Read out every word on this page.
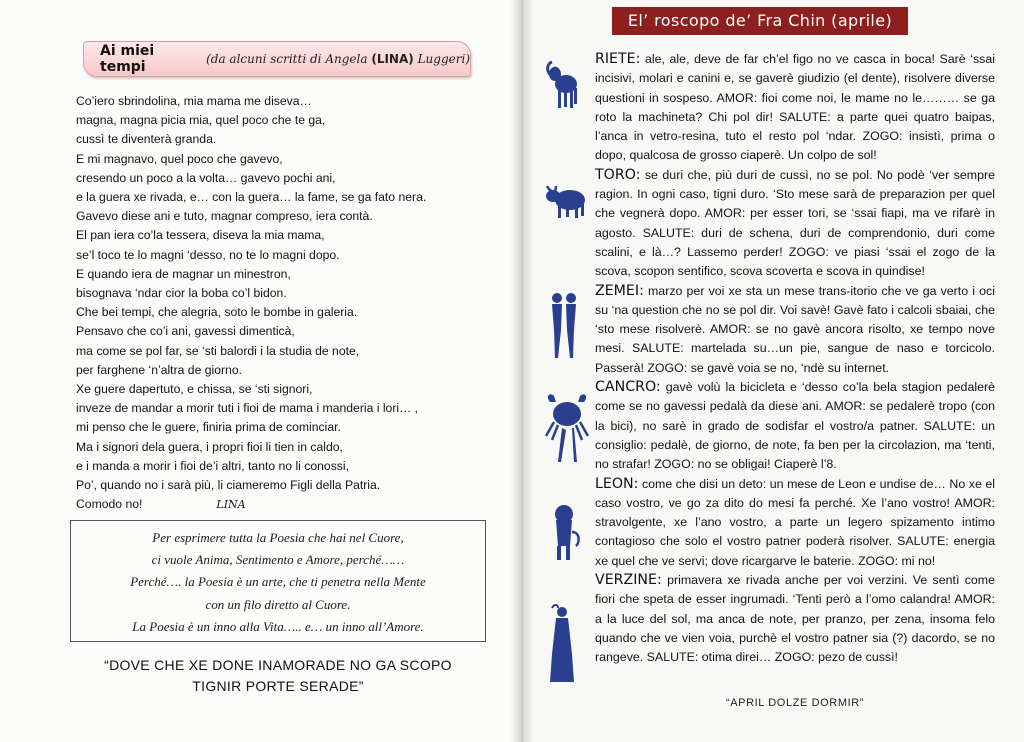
Ai miei tempi	(da alcuni scritti di Angela (LINA) Luggeri)
Co’iero sbrindolina, mia mama me diseva…
magna, magna picia mia, quel poco che te ga,
cussì te diventerà granda.
E mi magnavo, quel poco che gavevo,
cresendo un poco a la volta… gavevo pochi ani,
e la guera xe rivada, e… con la guera… la fame, se ga fato nera.
Gavevo diese ani e tuto, magnar compreso, iera contà.
El pan iera co’la tessera, diseva la mia mama,
se’l toco te lo magni ‘desso, no te lo magni dopo.
E quando iera de magnar un minestron,
bisognava ‘ndar cior la boba co’l bidon.
Che bei tempi, che alegria, soto le bombe in galeria.
Pensavo che co’i ani, gavessi dimenticà,
ma come se pol far, se ‘sti balordi i la studia de note,
per farghene ‘n’altra de giorno.
Xe guere dapertuto, e chissa, se ‘sti signori,
inveze de mandar a morir tuti i fioi de mama i manderia i lori… ,
mi penso che le guere, finiria prima de cominciar.
Ma i signori dela guera, i propri fioi li tien in caldo,
e i manda a morir i fioi de’i altri, tanto no li conossi,
Po’, quando no i sarà più, li ciameremo Figli della Patria.
Comodo no!	LINA
Per esprimere tutta la Poesia che hai nel Cuore,
ci vuole Anima, Sentimento e Amore, perché……
Perché…. la Poesia è un arte, che ti penetra nella Mente
con un filo diretto al Cuore.
La Poesia è un inno alla Vita….. e… un inno all’Amore.
“DOVE CHE XE DONE INAMORADE NO GA SCOPO
TIGNIR PORTE SERADE”
El’ roscopo de’ Fra Chin (aprile)
RIETE: ale, ale, deve de far ch’el figo no ve casca in boca! Sarè ‘ssai incisivi, molari e canini e, se gaverè giudizio (el dente), risolvere diverse questioni in sospeso. AMOR: fioi come noi, le mame no le……… se ga roto la machineta? Chi pol dir! SALUTE: a parte quei quatro baipas, l’anca in vetro-resina, tuto el resto pol ‘ndar. ZOGO: insistì, prima o dopo, qualcosa de grosso ciaperè. Un colpo de sol!
TORO: se duri che, più duri de cussì, no se pol. No podè ‘ver sempre ragion. In ogni caso, tigni duro. ‘Sto mese sarà de preparazion per quel che vegnerà dopo. AMOR: per esser tori, se ‘ssai fiapi, ma ve rifarè in agosto. SALUTE: duri de schena, duri de comprendonio, duri come scalini, e là…? Lassemo perder! ZOGO: ve piasi ‘ssai el zogo de la scova, scopon sentifico, scova scoverta e scova in quindise!
ZEMEI: marzo per voi xe sta un mese trans-itorio che ve ga verto i oci su ‘na question che no se pol dir. Voi savè! Gavè fato i calcoli sbaiai, che ‘sto mese risolverè. AMOR: se no gavè ancora risolto, xe tempo nove mesi. SALUTE: martelada su…un pie, sangue de naso e torcicolo. Passerà! ZOGO: se gavè voia se no, ‘ndè su internet.
CANCRO: gavè volù la bicicleta e ‘desso co’la bela stagion pedalerè come se no gavessi pedalà da diese ani. AMOR: se pedalerè tropo (con la bici), no sarè in grado de sodisfar el vostro/a patner. SALUTE: un consiglio: pedalè, de giorno, de note, fa ben per la circolazion, ma ‘tenti, no strafar! ZOGO: no se obligai! Ciaperè l’8.
LEON: come che disi un deto: un mese de Leon e undise de… No xe el caso vostro, ve go za dito do mesi fa perché. Xe l’ano vostro! AMOR: stravolgente, xe l’ano vostro, a parte un legero spizamento intimo contagioso che solo el vostro patner poderà risolver. SALUTE: energia xe quel che ve servi; dove ricargarve le baterie. ZOGO: mi no!
VERZINE: primavera xe rivada anche per voi verzini. Ve sentì come fiori che speta de esser ingrumadi. ‘Tenti però a l’omo calandra! AMOR: a la luce del sol, ma anca de note, per pranzo, per zena, insoma felo quando che ve vien voia, purchè el vostro patner sia (?) dacordo, se no rangeve. SALUTE: otima direi… ZOGO: pezo de cussì!
“APRIL DOLZE DORMIR”
